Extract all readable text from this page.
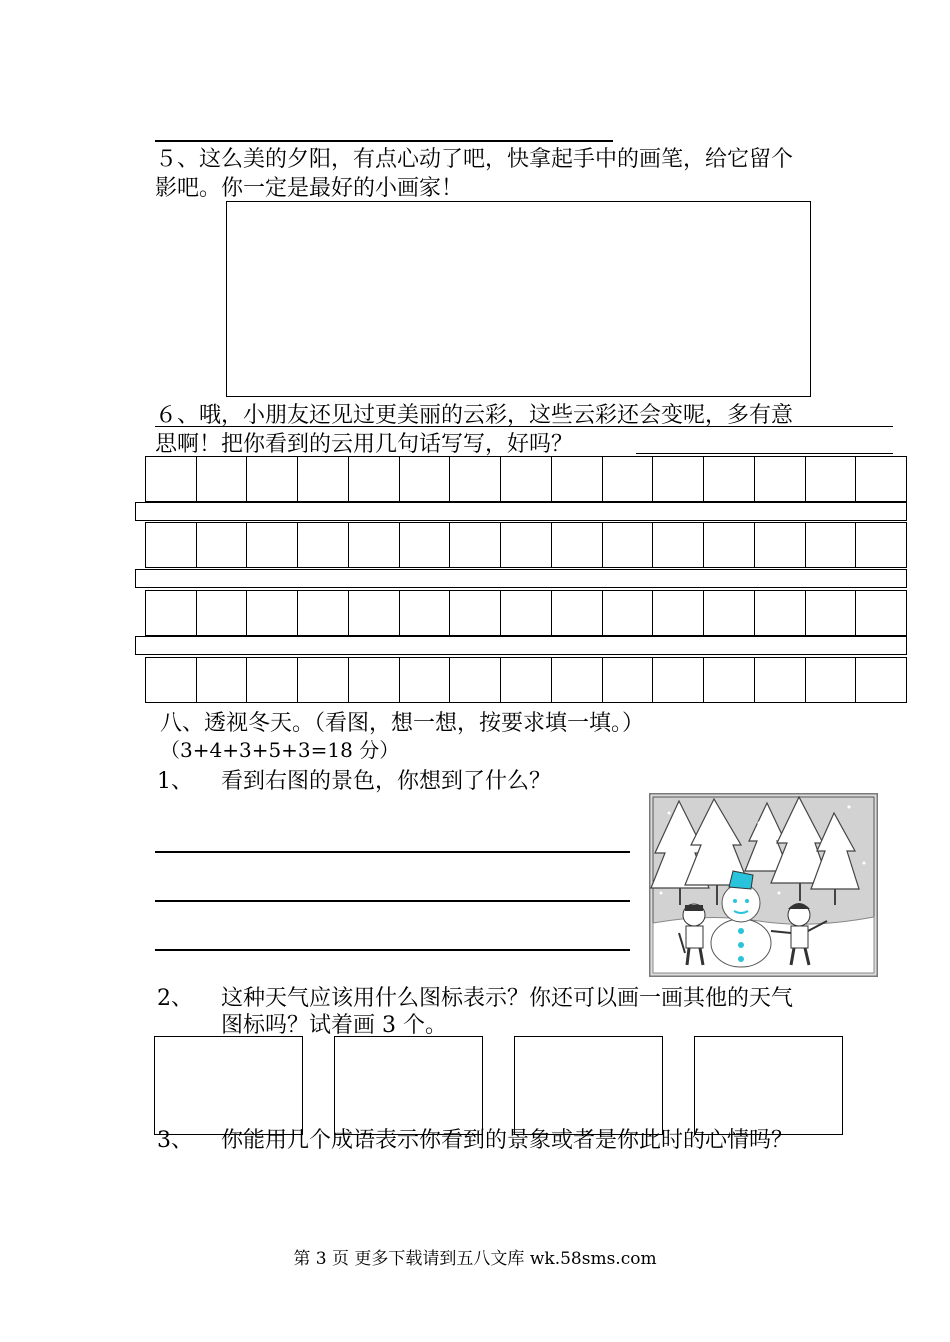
５、这么美的夕阳，有点心动了吧，快拿起手中的画笔，给它留个
影吧。你一定是最好的小画家！
６、哦，小朋友还见过更美丽的云彩，这些云彩还会变呢，多有意
思啊！把你看到的云用几句话写写，好吗？
八、透视冬天。（看图，想一想，按要求填一填。）
（3+4+3+5+3=18 分）
1、 看到右图的景色，你想到了什么？
2、 这种天气应该用什么图标表示？你还可以画一画其他的天气
图标吗？试着画 3 个。
3、 你能用几个成语表示你看到的景象或者是你此时的心情吗？
第 3 页 更多下载请到五八文库 wk.58sms.com
